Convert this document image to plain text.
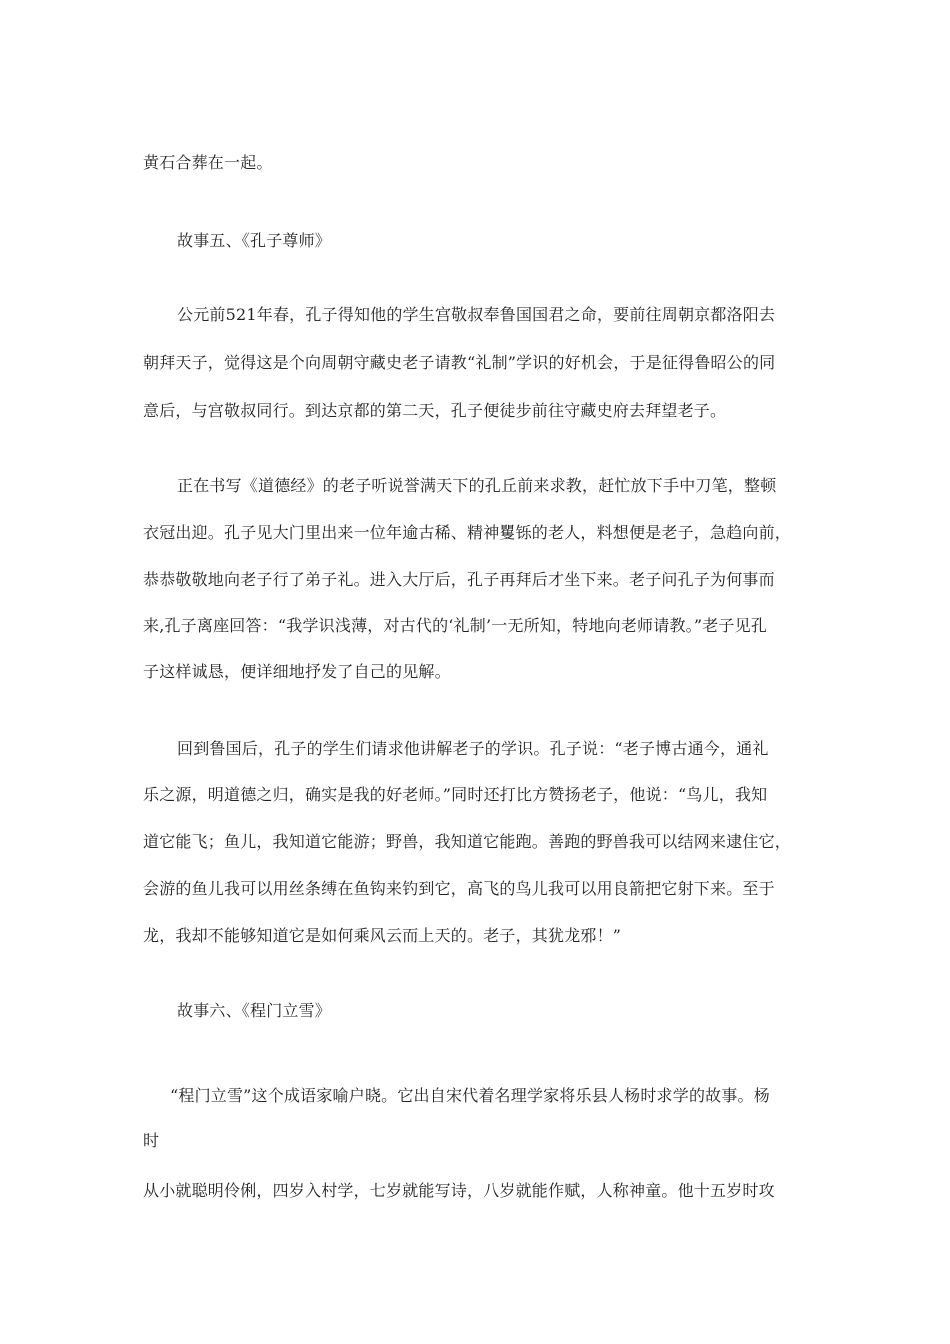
黄石合葬在一起。
故事五、《孔子尊师》
公元前521年春，孔子得知他的学生宫敬叔奉鲁国国君之命，要前往周朝京都洛阳去
朝拜天子，觉得这是个向周朝守藏史老子请教“礼制”学识的好机会，于是征得鲁昭公的同
意后，与宫敬叔同行。到达京都的第二天，孔子便徒步前往守藏史府去拜望老子。
正在书写《道德经》的老子听说誉满天下的孔丘前来求教，赶忙放下手中刀笔，整顿
衣冠出迎。孔子见大门里出来一位年逾古稀、精神矍铄的老人，料想便是老子，急趋向前，
恭恭敬敬地向老子行了弟子礼。进入大厅后，孔子再拜后才坐下来。老子问孔子为何事而
来,孔子离座回答：“我学识浅薄，对古代的‘礼制’一无所知，特地向老师请教。”老子见孔
子这样诚恳，便详细地抒发了自己的见解。
回到鲁国后，孔子的学生们请求他讲解老子的学识。孔子说：“老子博古通今，通礼
乐之源，明道德之归，确实是我的好老师。”同时还打比方赞扬老子，他说：“鸟儿，我知
道它能飞；鱼儿，我知道它能游；野兽，我知道它能跑。善跑的野兽我可以结网来逮住它，
会游的鱼儿我可以用丝条缚在鱼钩来钓到它，高飞的鸟儿我可以用良箭把它射下来。至于
龙，我却不能够知道它是如何乘风云而上天的。老子，其犹龙邪！”
故事六、《程门立雪》
“程门立雪”这个成语家喻户晓。它出自宋代着名理学家将乐县人杨时求学的故事。杨
时
从小就聪明伶俐，四岁入村学，七岁就能写诗，八岁就能作赋，人称神童。他十五岁时攻
